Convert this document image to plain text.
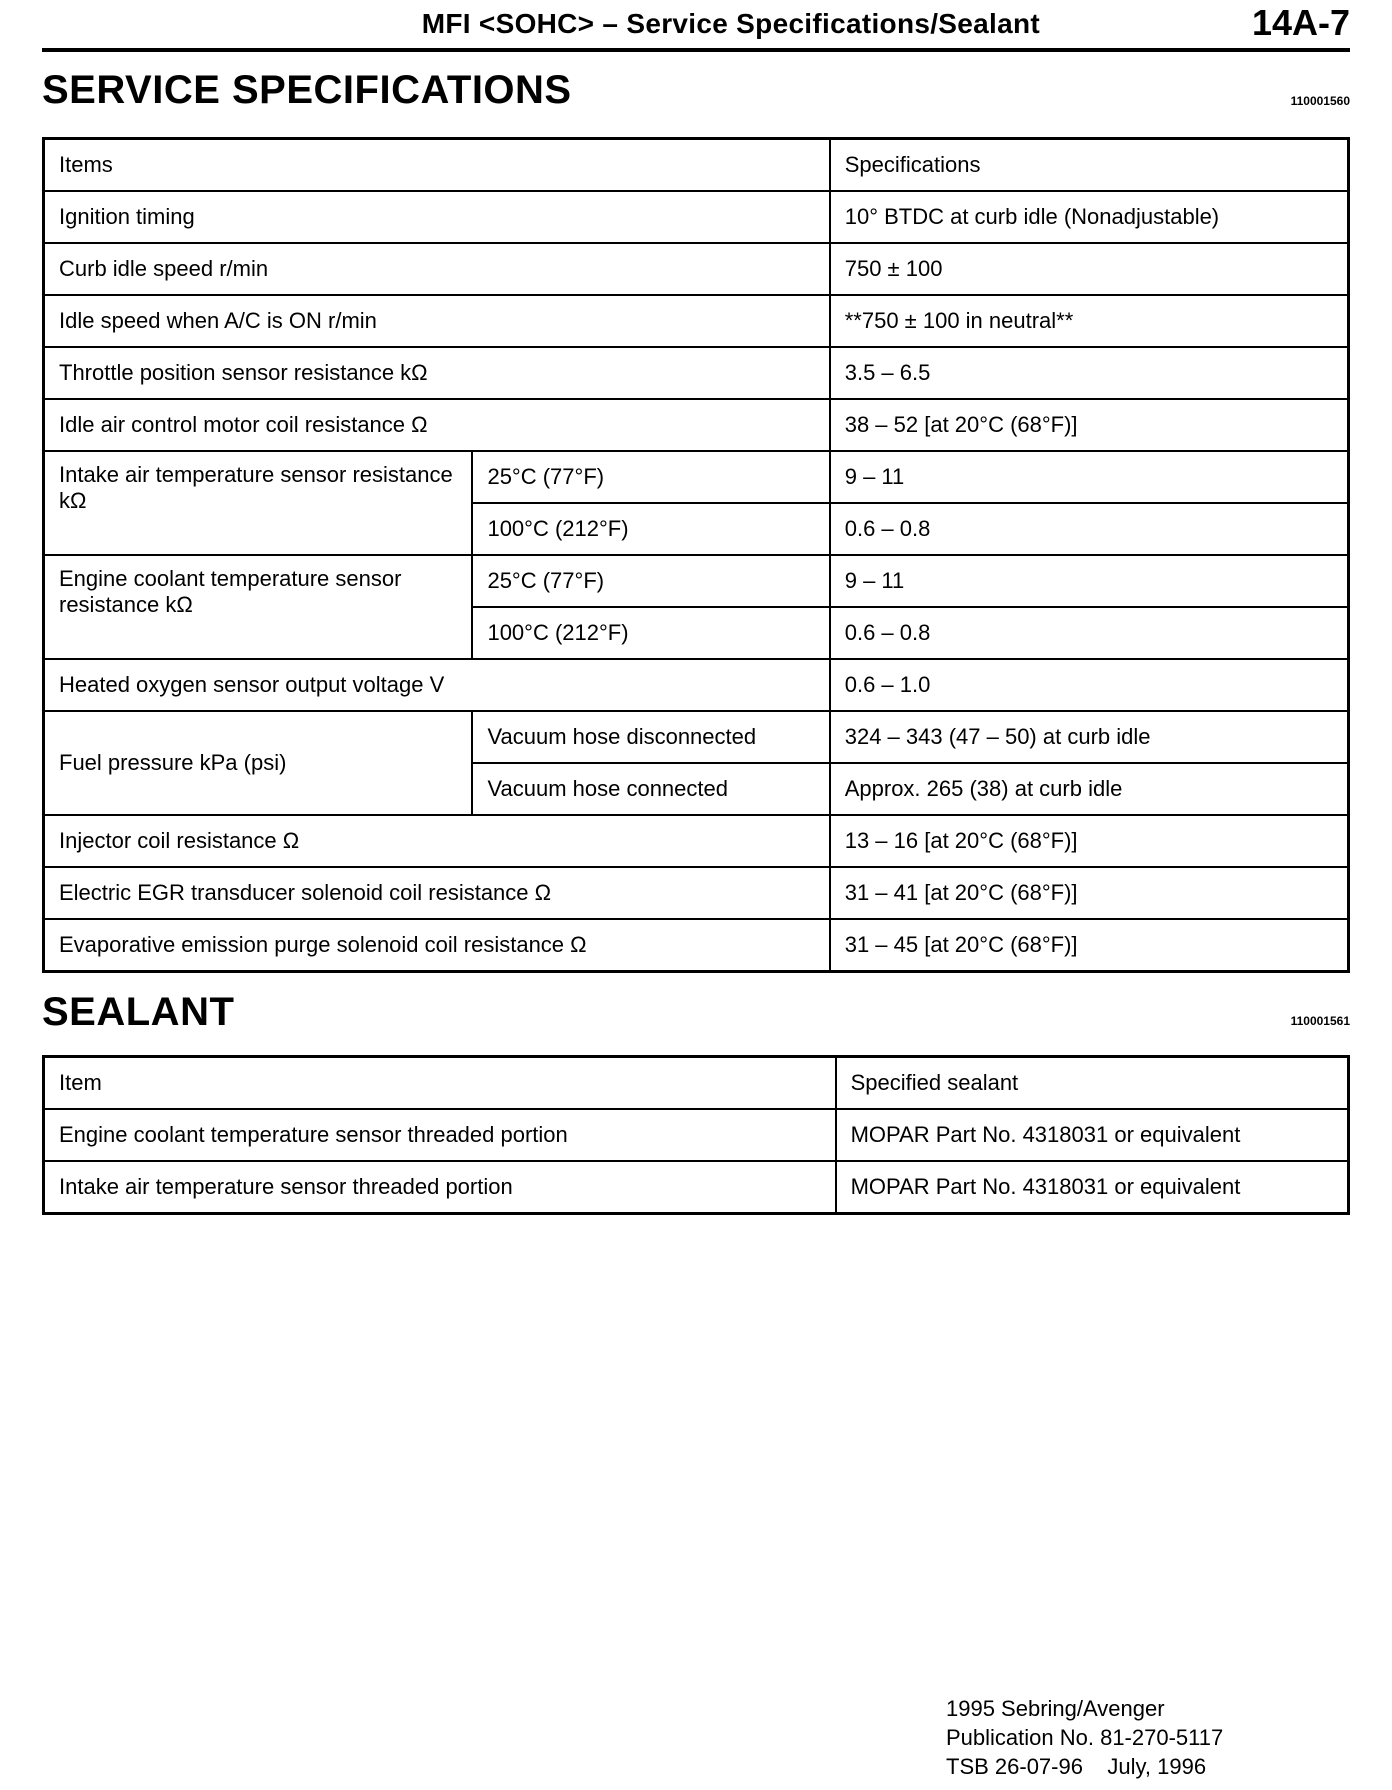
MFI <SOHC> – Service Specifications/Sealant	14A-7
SERVICE SPECIFICATIONS	110001560
Items		Specifications
Ignition timing		10° BTDC at curb idle (Nonadjustable)
Curb idle speed r/min		750 ± 100
Idle speed when A/C is ON r/min		**750 ± 100 in neutral**
Throttle position sensor resistance kΩ		3.5 – 6.5
Idle air control motor coil resistance Ω		38 – 52 [at 20°C (68°F)]
Intake air temperature sensor resistance kΩ	25°C (77°F)	9 – 11
	100°C (212°F)	0.6 – 0.8
Engine coolant temperature sensor resistance kΩ	25°C (77°F)	9 – 11
	100°C (212°F)	0.6 – 0.8
Heated oxygen sensor output voltage V		0.6 – 1.0
Fuel pressure kPa (psi)	Vacuum hose disconnected	324 – 343 (47 – 50) at curb idle
	Vacuum hose connected	Approx. 265 (38) at curb idle
Injector coil resistance Ω		13 – 16 [at 20°C (68°F)]
Electric EGR transducer solenoid coil resistance Ω		31 – 41 [at 20°C (68°F)]
Evaporative emission purge solenoid coil resistance Ω		31 – 45 [at 20°C (68°F)]
SEALANT	110001561
Item	Specified sealant
Engine coolant temperature sensor threaded portion	MOPAR Part No. 4318031 or equivalent
Intake air temperature sensor threaded portion	MOPAR Part No. 4318031 or equivalent
1995 Sebring/Avenger
Publication No. 81-270-5117
TSB 26-07-96    July, 1996
